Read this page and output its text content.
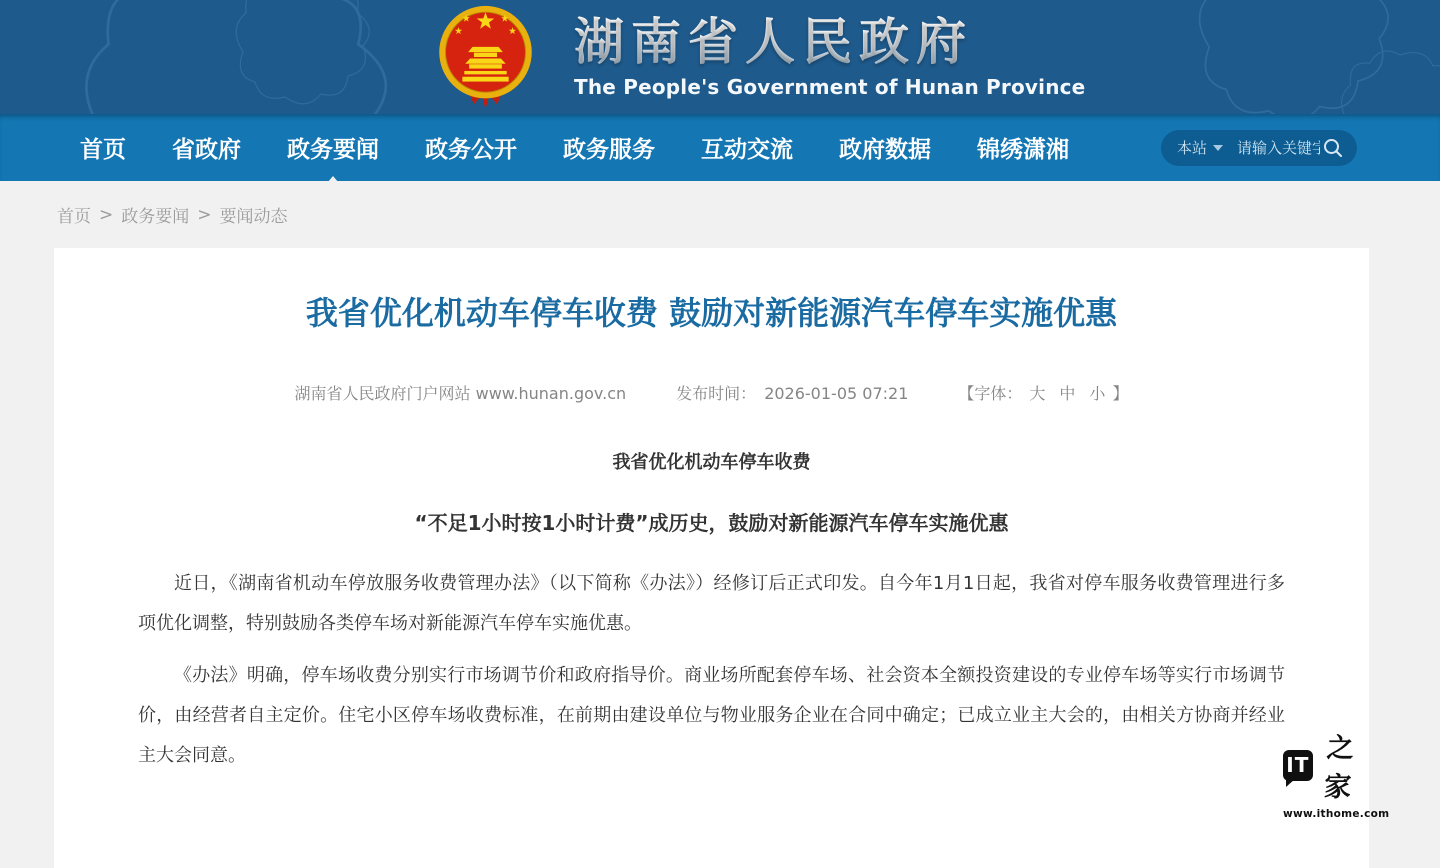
湖南省人民政府
The People's Government of Hunan Province
首页 省政府 政务要闻 政务公开 政务服务 互动交流 政府数据 锦绣潇湘	本站
请输入关键字
首页 > 政务要闻 > 要闻动态
我省优化机动车停车收费 鼓励对新能源汽车停车实施优惠
湖南省人民政府门户网站 www.hunan.gov.cn	发布时间： 2026-01-05 07:21	【字体： 大 中 小 】
我省优化机动车停车收费
“不足1小时按1小时计费”成历史，鼓励对新能源汽车停车实施优惠

近日，《湖南省机动车停放服务收费管理办法》（以下简称《办法》）经修订后正式印发。自今年1月1日起，我省对停车服务收费管理进行多项优化调整，特别鼓励各类停车场对新能源汽车停车实施优惠。

《办法》明确，停车场收费分别实行市场调节价和政府指导价。商业场所配套停车场、社会资本全额投资建设的专业停车场等实行市场调节价，由经营者自主定价。住宅小区停车场收费标准，在前期由建设单位与物业服务企业在合同中确定；已成立业主大会的，由相关方协商并经业主大会同意。	IT
之家
www.ithome.com
